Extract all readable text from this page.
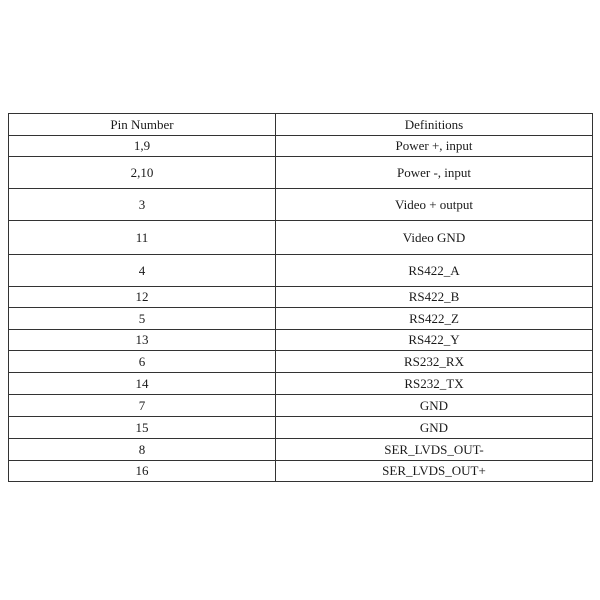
Pin Number	Definitions
1,9	Power +, input
2,10	Power -, input
3	Video + output
11	Video GND
4	RS422_A
12	RS422_B
5	RS422_Z
13	RS422_Y
6	RS232_RX
14	RS232_TX
7	GND
15	GND
8	SER_LVDS_OUT-
16	SER_LVDS_OUT+
